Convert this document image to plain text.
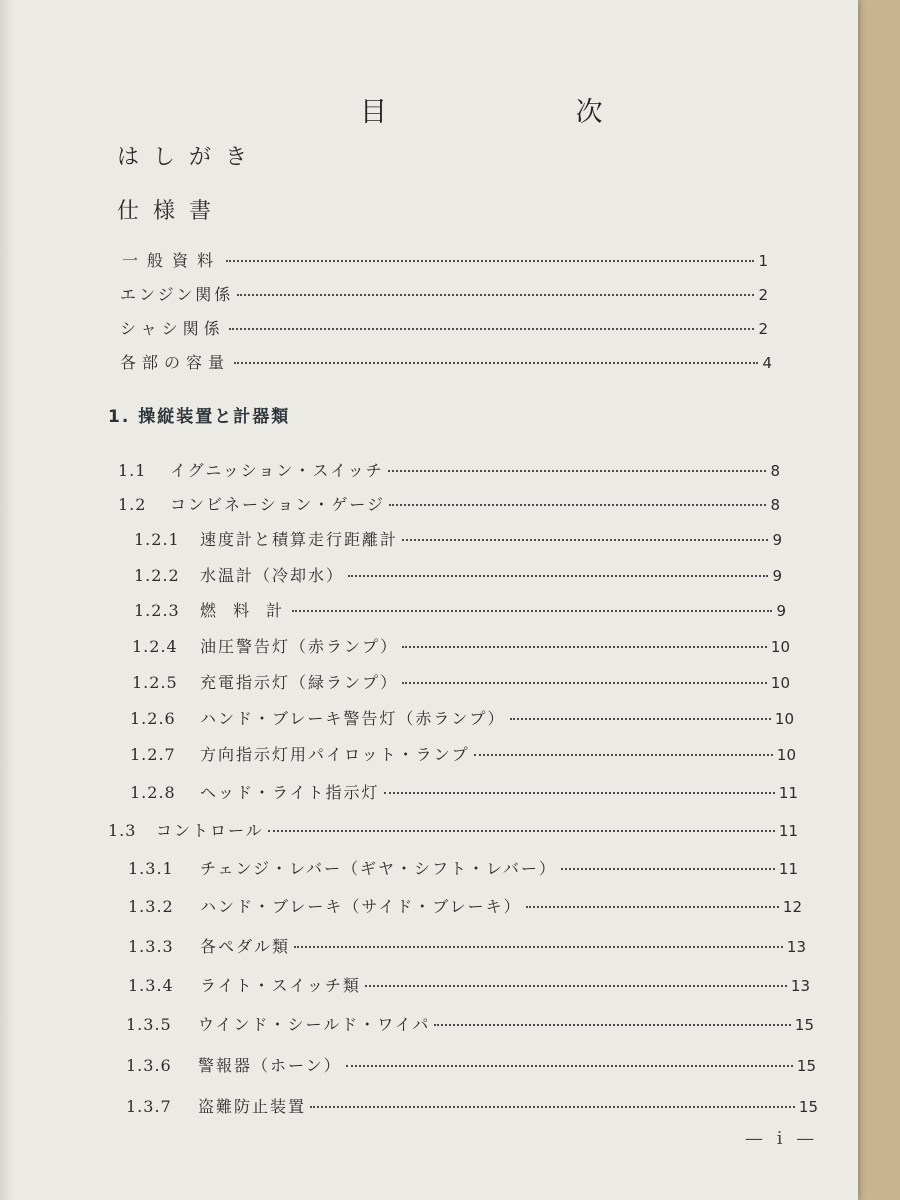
目 次
はしがき
仕様書
一般資料	1
エンジン関係	2
シャシ関係	2
各部の容量	4
1. 操縦装置と計器類
1.1	イグニッション・スイッチ	8
1.2	コンビネーション・ゲージ	8
1.2.1	速度計と積算走行距離計	9
1.2.2	水温計（冷却水）	9
1.2.3	燃 料 計	9
1.2.4	油圧警告灯（赤ランプ）	10
1.2.5	充電指示灯（緑ランプ）	10
1.2.6	ハンド・ブレーキ警告灯（赤ランプ）	10
1.2.7	方向指示灯用パイロット・ランプ	10
1.2.8	ヘッド・ライト指示灯	11
1.3	コントロール	11
1.3.1	チェンジ・レバー（ギヤ・シフト・レバー）	11
1.3.2	ハンド・ブレーキ（サイド・ブレーキ）	12
1.3.3	各ペダル類	13
1.3.4	ライト・スイッチ類	13
1.3.5	ウインド・シールド・ワイパ	15
1.3.6	警報器（ホーン）	15
1.3.7	盗難防止装置	15
— i —
